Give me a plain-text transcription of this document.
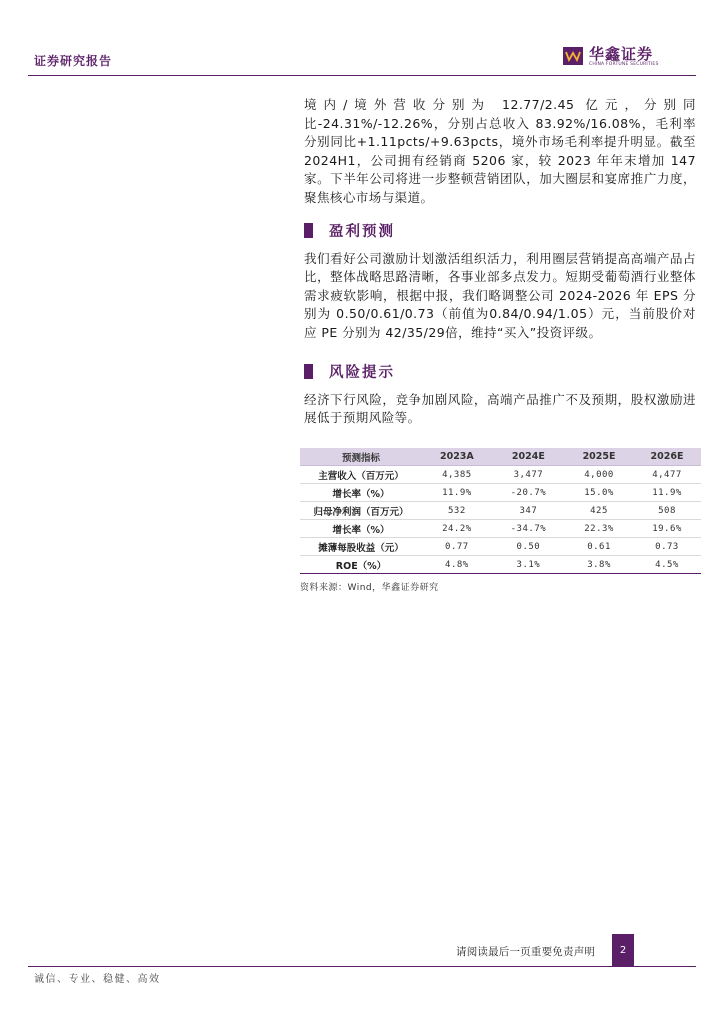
证券研究报告	华鑫证券
CHINA FORTUNE SECURITIES

境内/境外营收分别为 12.77/2.45 亿元，分别同比-24.31%/-12.26%，分别占总收入 83.92%/16.08%，毛利率分别同比+1.11pcts/+9.63pcts，境外市场毛利率提升明显。截至2024H1，公司拥有经销商 5206 家，较 2023 年年末增加 147家。下半年公司将进一步整顿营销团队，加大圈层和宴席推广力度，聚焦核心市场与渠道。

盈利预测

我们看好公司激励计划激活组织活力，利用圈层营销提高高端产品占比，整体战略思路清晰，各事业部多点发力。短期受葡萄酒行业整体需求疲软影响，根据中报，我们略调整公司 2024-2026 年 EPS 分别为 0.50/0.61/0.73（前值为0.84/0.94/1.05）元，当前股价对应 PE 分别为 42/35/29倍，维持“买入”投资评级。

风险提示

经济下行风险，竞争加剧风险，高端产品推广不及预期，股权激励进展低于预期风险等。

预测指标	2023A	2024E	2025E	2026E
主营收入（百万元）	4,385	3,477	4,000	4,477
增长率（%）	11.9%	-20.7%	15.0%	11.9%
归母净利润（百万元）	532	347	425	508
增长率（%）	24.2%	-34.7%	22.3%	19.6%
摊薄每股收益（元）	0.77	0.50	0.61	0.73
ROE（%）	4.8%	3.1%	3.8%	4.5%
资料来源：Wind，华鑫证券研究
请阅读最后一页重要免责声明	2
诚信、专业、稳健、高效
